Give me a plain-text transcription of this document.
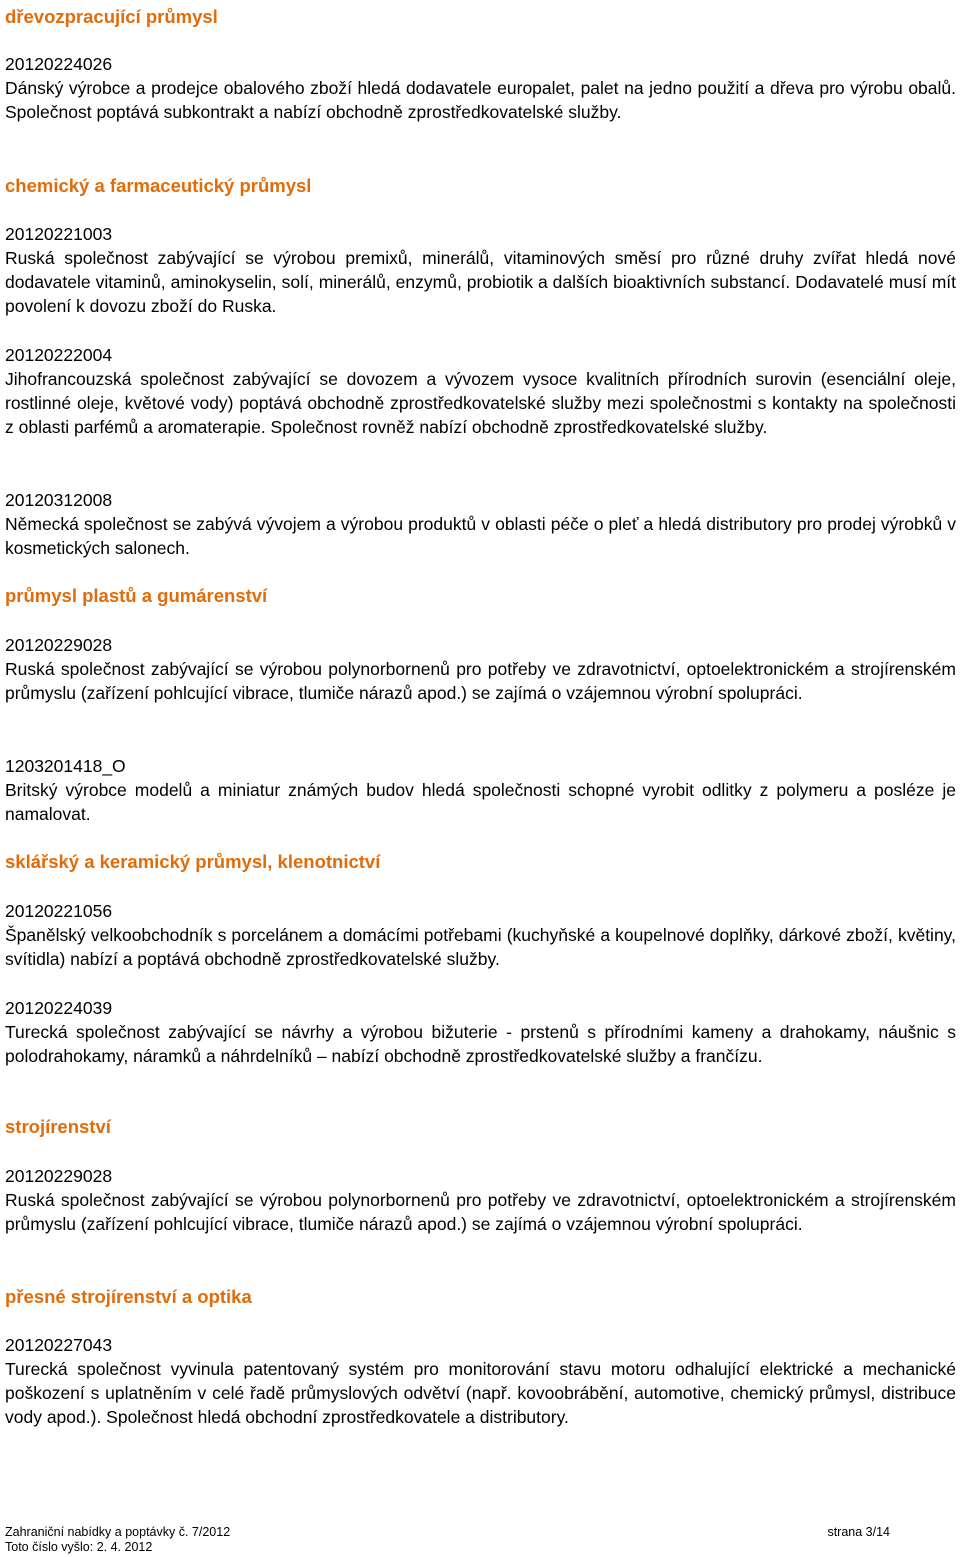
dřevozpracující průmysl

20120224026

Dánský výrobce a prodejce obalového zboží hledá dodavatele europalet, palet na jedno použití a dřeva pro výrobu obalů. Společnost poptává subkontrakt a nabízí obchodně zprostředkovatelské služby.

chemický a farmaceutický průmysl

20120221003

Ruská společnost zabývající se výrobou premixů, minerálů, vitaminových směsí pro různé druhy zvířat hledá nové dodavatele vitaminů, aminokyselin, solí, minerálů, enzymů, probiotik a dalších bioaktivních substancí. Dodavatelé musí mít povolení k dovozu zboží do Ruska.

20120222004

Jihofrancouzská společnost zabývající se dovozem a vývozem vysoce kvalitních přírodních surovin (esenciální oleje, rostlinné oleje, květové vody) poptává obchodně zprostředkovatelské služby mezi společnostmi s kontakty na společnosti z oblasti parfémů a aromaterapie. Společnost rovněž nabízí obchodně zprostředkovatelské služby.

20120312008

Německá společnost se zabývá vývojem a výrobou produktů v oblasti péče o pleť a hledá distributory pro prodej výrobků v kosmetických salonech.

průmysl plastů a gumárenství

20120229028

Ruská společnost zabývající se výrobou polynorbornenů pro potřeby ve zdravotnictví, optoelektronickém a strojírenském průmyslu (zařízení pohlcující vibrace, tlumiče nárazů apod.) se zajímá o vzájemnou výrobní spolupráci.

1203201418_O

Britský výrobce modelů a miniatur známých budov hledá společnosti schopné vyrobit odlitky z polymeru a posléze je namalovat.

sklářský a keramický průmysl, klenotnictví

20120221056

Španělský velkoobchodník s porcelánem a domácími potřebami (kuchyňské a koupelnové doplňky, dárkové zboží, květiny, svítidla) nabízí a poptává obchodně zprostředkovatelské služby.

20120224039

Turecká společnost zabývající se návrhy a výrobou bižuterie - prstenů s přírodními kameny a drahokamy, náušnic s polodrahokamy, náramků a náhrdelníků – nabízí obchodně zprostředkovatelské služby a frančízu.

strojírenství

20120229028

Ruská společnost zabývající se výrobou polynorbornenů pro potřeby ve zdravotnictví, optoelektronickém a strojírenském průmyslu (zařízení pohlcující vibrace, tlumiče nárazů apod.) se zajímá o vzájemnou výrobní spolupráci.

přesné strojírenství a optika

20120227043

Turecká společnost vyvinula patentovaný systém pro monitorování stavu motoru odhalující elektrické a mechanické poškození s uplatněním v celé řadě průmyslových odvětví (např. kovoobrábění, automotive, chemický průmysl, distribuce vody apod.). Společnost hledá obchodní zprostředkovatele a distributory.

Zahraniční nabídky a poptávky č. 7/2012	strana 3/14
Toto číslo vyšlo: 2. 4. 2012
